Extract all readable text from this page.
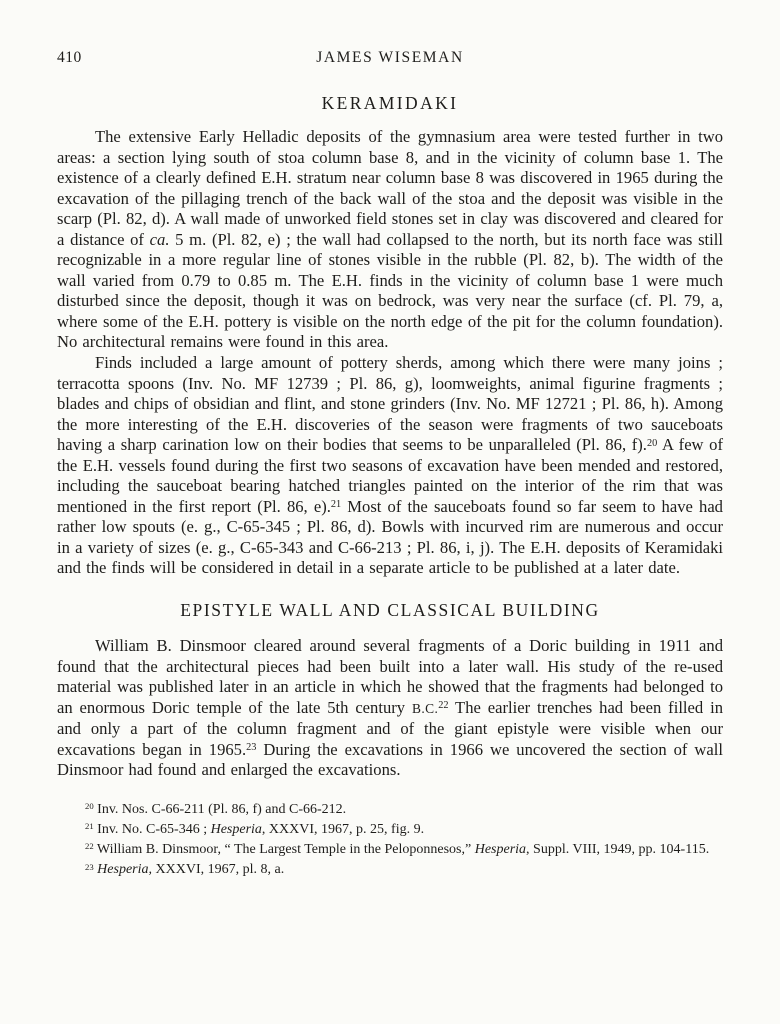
410	JAMES WISEMAN
KERAMIDAKI

The extensive Early Helladic deposits of the gymnasium area were tested further in two areas: a section lying south of stoa column base 8, and in the vicinity of column base 1. The existence of a clearly defined E.H. stratum near column base 8 was discovered in 1965 during the excavation of the pillaging trench of the back wall of the stoa and the deposit was visible in the scarp (Pl. 82, d). A wall made of unworked field stones set in clay was discovered and cleared for a distance of ca. 5 m. (Pl. 82, e) ; the wall had collapsed to the north, but its north face was still recognizable in a more regular line of stones visible in the rubble (Pl. 82, b). The width of the wall varied from 0.79 to 0.85 m. The E.H. finds in the vicinity of column base 1 were much disturbed since the deposit, though it was on bedrock, was very near the surface (cf. Pl. 79, a, where some of the E.H. pottery is visible on the north edge of the pit for the column foundation). No architectural remains were found in this area.

Finds included a large amount of pottery sherds, among which there were many joins ; terracotta spoons (Inv. No. MF 12739 ; Pl. 86, g), loomweights, animal figurine fragments ; blades and chips of obsidian and flint, and stone grinders (Inv. No. MF 12721 ; Pl. 86, h). Among the more interesting of the E.H. discoveries of the season were fragments of two sauceboats having a sharp carination low on their bodies that seems to be unparalleled (Pl. 86, f).$^{20}$ A few of the E.H. vessels found during the first two seasons of excavation have been mended and restored, including the sauceboat bearing hatched triangles painted on the interior of the rim that was mentioned in the first report (Pl. 86, e).$^{21}$ Most of the sauceboats found so far seem to have had rather low spouts (e. g., C-65-345 ; Pl. 86, d). Bowls with incurved rim are numerous and occur in a variety of sizes (e. g., C-65-343 and C-66-213 ; Pl. 86, i, j). The E.H. deposits of Keramidaki and the finds will be considered in detail in a separate article to be published at a later date.

EPISTYLE WALL AND CLASSICAL BUILDING

William B. Dinsmoor cleared around several fragments of a Doric building in 1911 and found that the architectural pieces had been built into a later wall. His study of the re-used material was published later in an article in which he showed that the fragments had belonged to an enormous Doric temple of the late 5th century B.C.$^{22}$ The earlier trenches had been filled in and only a part of the column fragment and of the giant epistyle were visible when our excavations began in 1965.23 During the excavations in 1966 we uncovered the section of wall Dinsmoor had found and enlarged the excavations.

$^{20}$ Inv. Nos. C-66-211 (Pl. 86, f) and C-66-212.

$^{21}$ Inv. No. C-65-346 ; Hesperia, XXXVI, 1967, p. 25, fig. 9.

$^{22}$ William B. Dinsmoor, “ The Largest Temple in the Peloponnesos,” Hesperia, Suppl. VIII, 1949, pp. 104-115.

$^{23}$ Hesperia, XXXVI, 1967, pl. 8, a.
